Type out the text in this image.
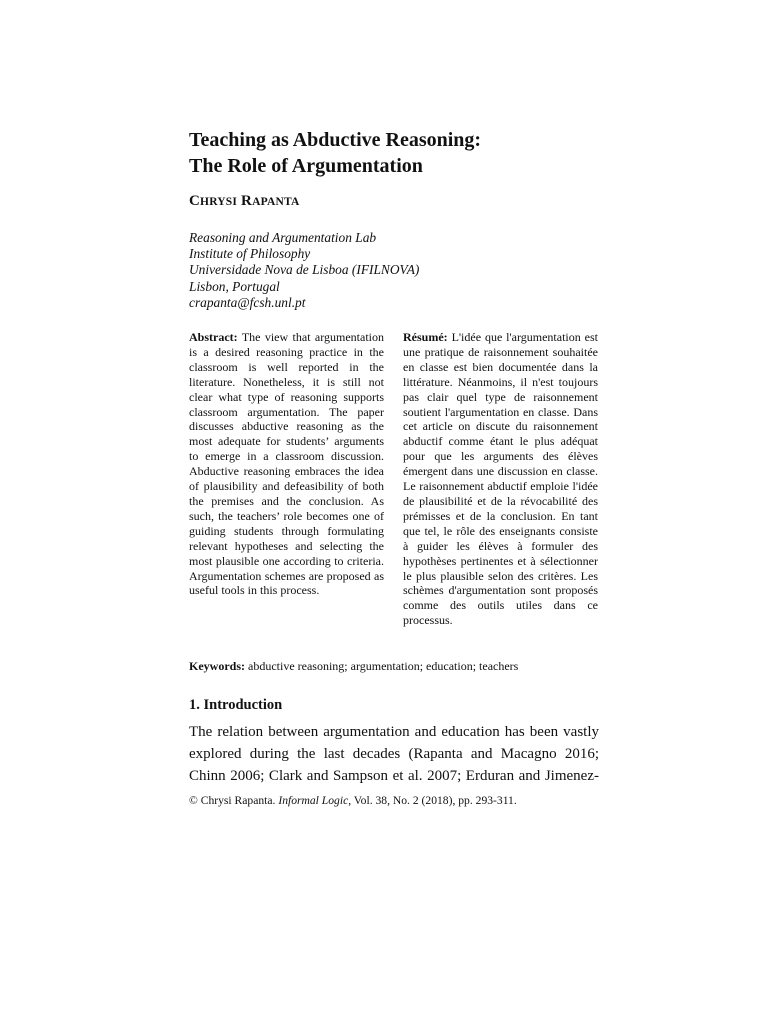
Teaching as Abductive Reasoning:
The Role of Argumentation
CHRYSI RAPANTA
Reasoning and Argumentation Lab
Institute of Philosophy
Universidade Nova de Lisboa (IFILNOVA)
Lisbon, Portugal
crapanta@fcsh.unl.pt

Abstract: The view that argumentation is a desired reasoning practice in the classroom is well reported in the literature. Nonetheless, it is still not clear what type of reasoning supports classroom argumentation. The paper discusses abductive reasoning as the most adequate for students’ arguments to emerge in a classroom discussion. Abductive reasoning embraces the idea of plausibility and defeasibility of both the premises and the conclusion. As such, the teachers’ role becomes one of guiding students through formulating relevant hypotheses and selecting the most plausible one according to criteria. Argumentation schemes are proposed as useful tools in this process.

Résumé: L'idée que l'argumentation est une pratique de raisonnement souhaitée en classe est bien documentée dans la littérature. Néanmoins, il n'est toujours pas clair quel type de raisonnement soutient l'argumentation en classe. Dans cet article on discute du raisonnement abductif comme étant le plus adéquat pour que les arguments des élèves émergent dans une discussion en classe. Le raisonnement abductif emploie l'idée de plausibilité et de la révocabilité des prémisses et de la conclusion. En tant que tel, le rôle des enseignants consiste à guider les élèves à formuler des hypothèses pertinentes et à sélectionner le plus plausible selon des critères. Les schèmes d'argumentation sont proposés comme des outils utiles dans ce processus.

Keywords: abductive reasoning; argumentation; education; teachers
1. Introduction
The relation between argumentation and education has been vastly
explored during the last decades (Rapanta and Macagno 2016;
Chinn 2006; Clark and Sampson et al. 2007; Erduran and Jimenez-
© Chrysi Rapanta. Informal Logic, Vol. 38, No. 2 (2018), pp. 293-311.
